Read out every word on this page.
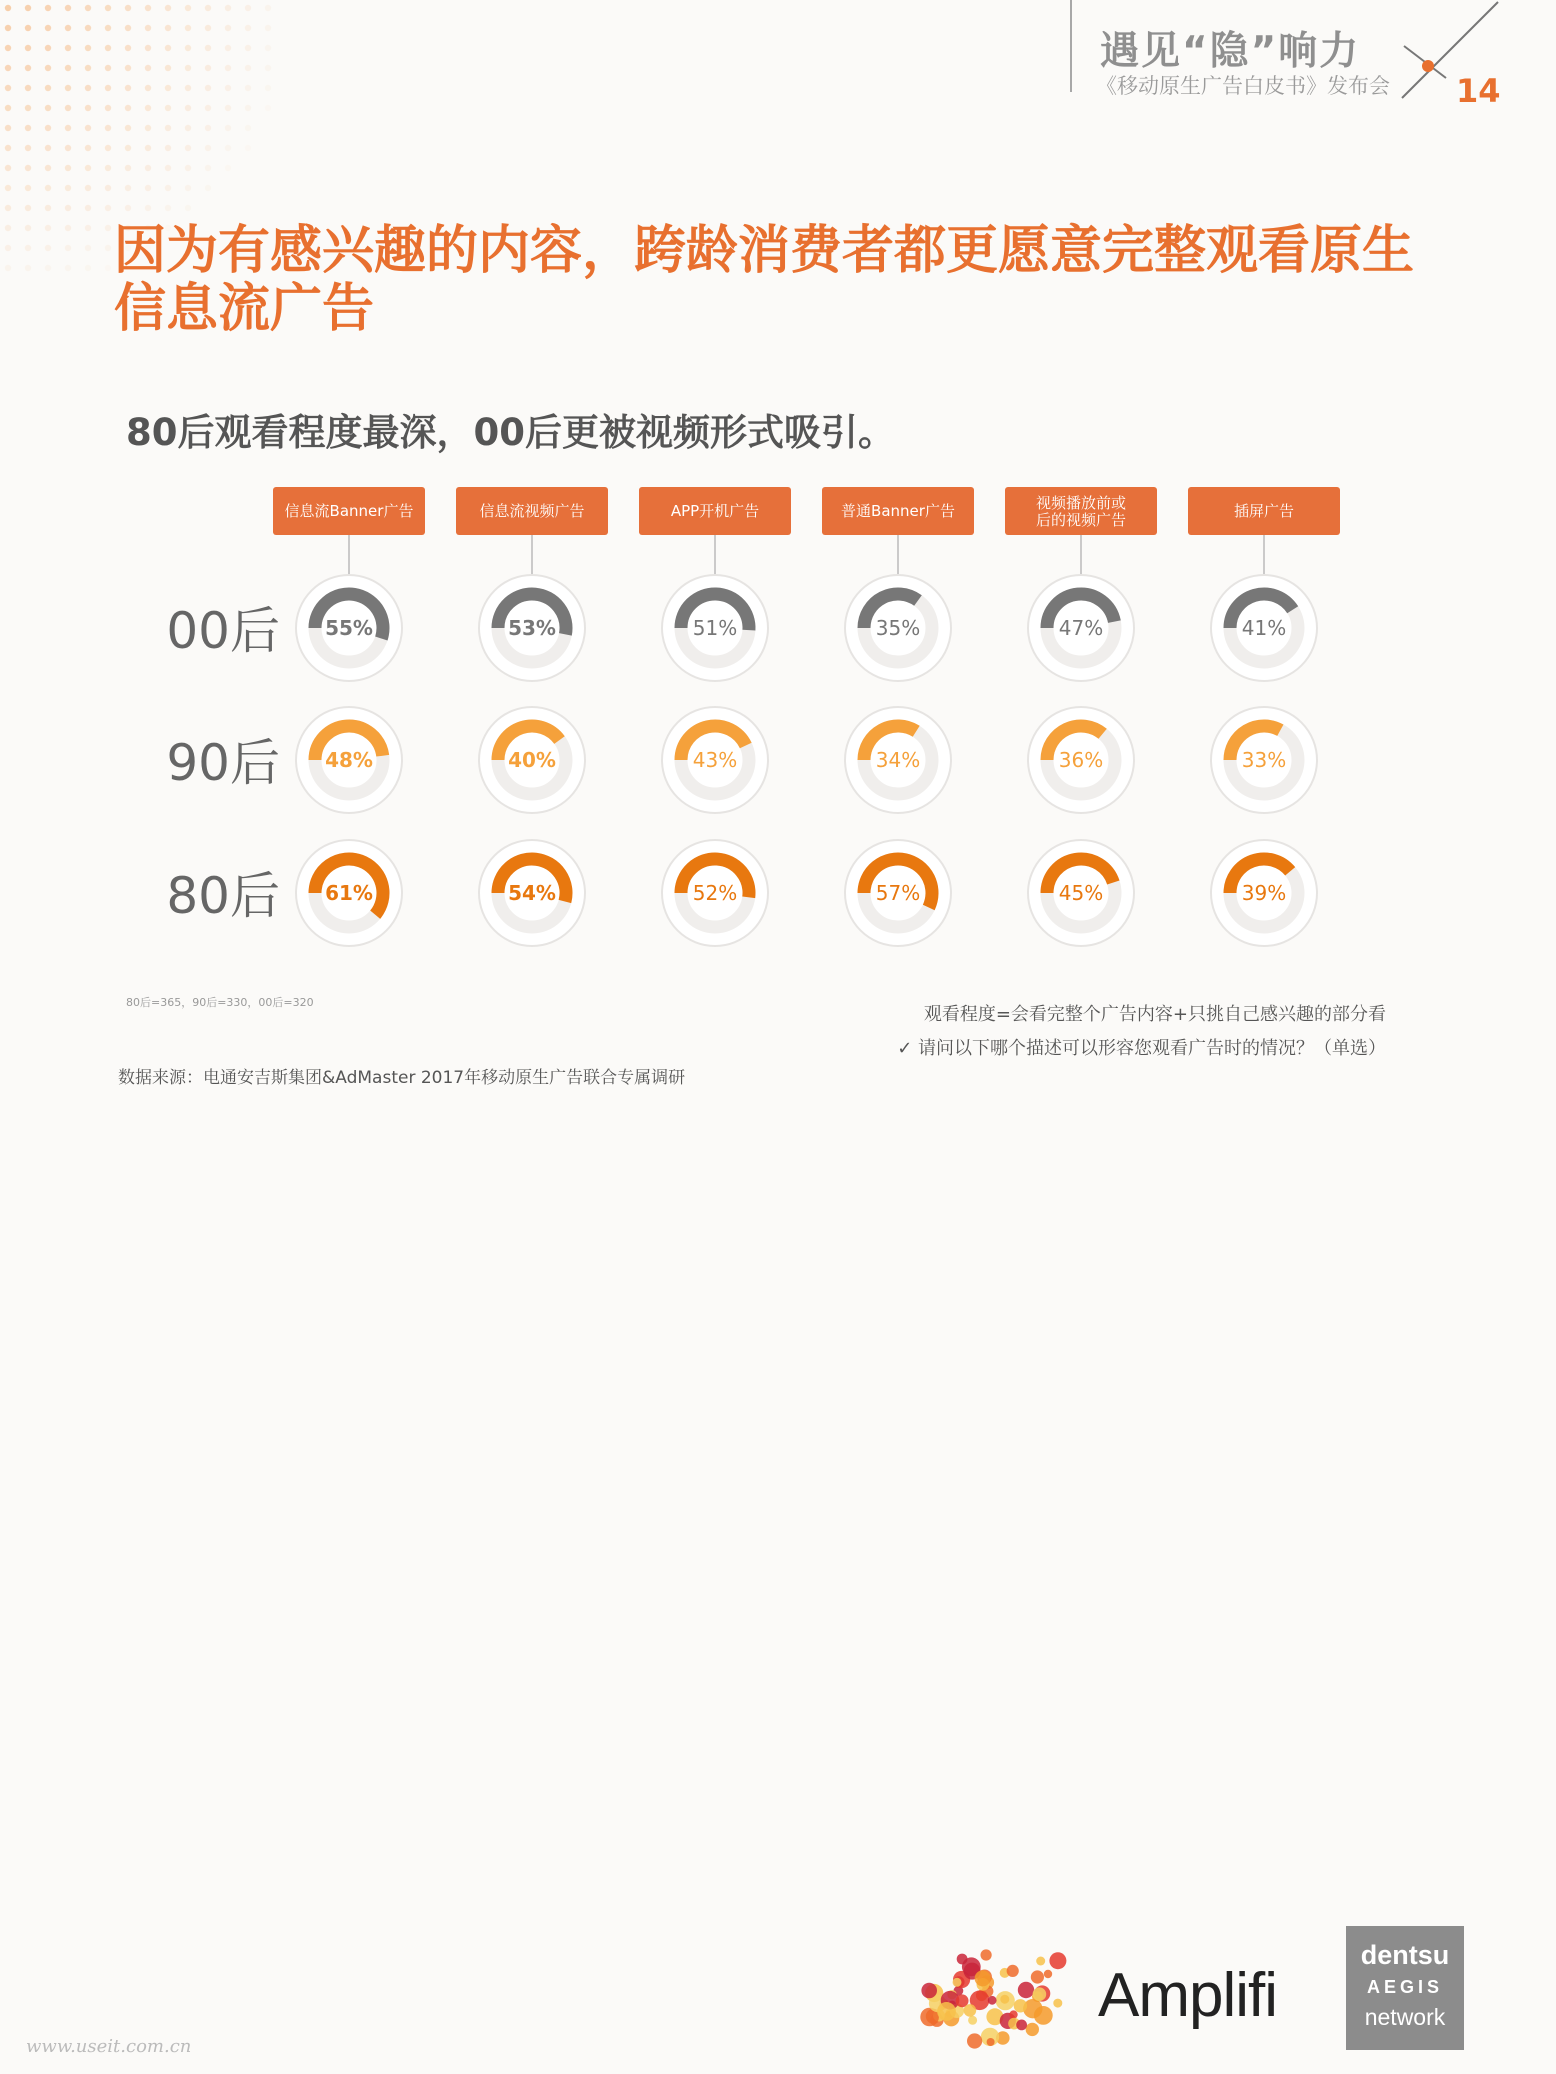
遇见“隐”响力
《移动原生广告白皮书》发布会 14
因为有感兴趣的内容，跨龄消费者都更愿意完整观看原生信息流广告
80后观看程度最深，00后更被视频形式吸引。
信息流Banner广告	信息流视频广告	APP开机广告	普通Banner广告	视频播放前或后的视频广告	插屏广告
00后 55%	53%	51%	35%	47%	41%
90后 48%	40%	43%	34%	36%	33%
80后 61%	54%	52%	57%	45%	39%
80后=365，90后=330，00后=320
观看程度=会看完整个广告内容+只挑自己感兴趣的部分看
✓ 请问以下哪个描述可以形容您观看广告时的情况？（单选）
数据来源：电通安吉斯集团&AdMaster 2017年移动原生广告联合专属调研
Amplifi
dentsu
AEGIS
network
www.useit.com.cn
